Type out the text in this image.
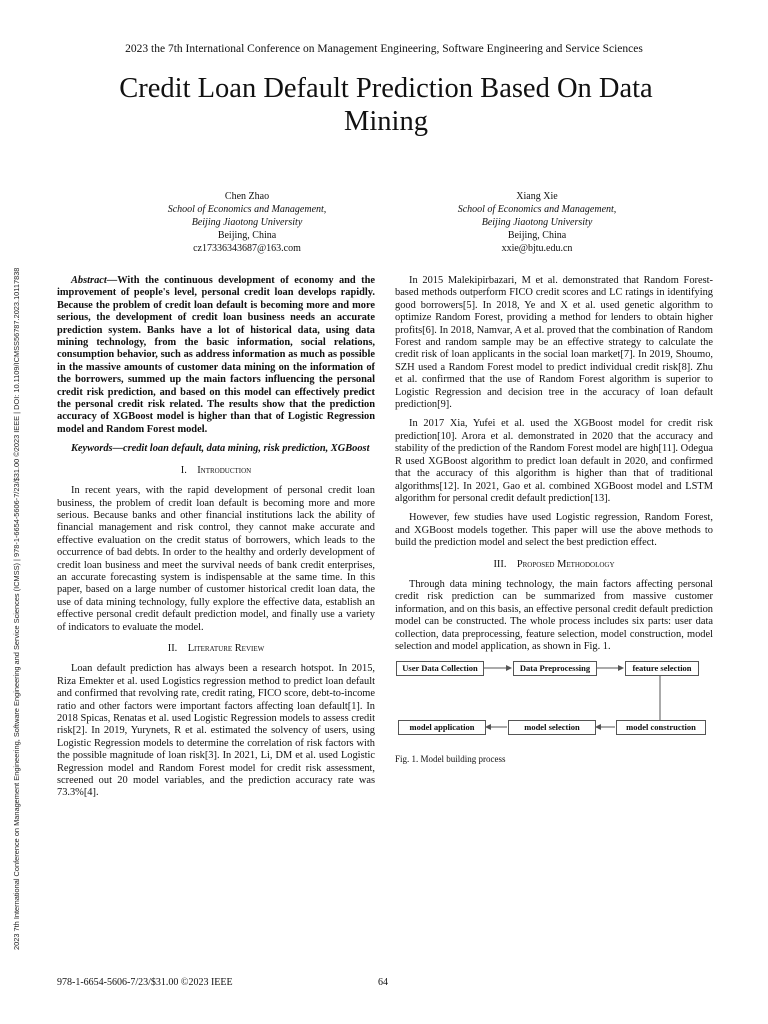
2023 7th International Conference on Management Engineering, Software Engineering and Service Sciences (ICMSS) | 978-1-6654-5606-7/23/$31.00 ©2023 IEEE | DOI: 10.1109/ICMSS56787.2023.10117838
2023 the 7th International Conference on Management Engineering, Software Engineering and Service Sciences
Credit Loan Default Prediction Based On Data Mining
Chen Zhao
School of Economics and Management,
Beijing Jiaotong University
Beijing, China
cz17336343687@163.com
Xiang Xie
School of Economics and Management,
Beijing Jiaotong University
Beijing, China
xxie@bjtu.edu.cn

Abstract—With the continuous development of economy and the improvement of people's level, personal credit loan develops rapidly. Because the problem of credit loan default is becoming more and more serious, the development of credit loan business needs an accurate prediction system. Banks have a lot of historical data, using data mining technology, from the basic information, social relations, consumption behavior, such as address information as much as possible in the massive amounts of customer data mining on the information of the borrowers, summed up the main factors influencing the personal credit risk prediction, and based on this model can effectively predict the personal credit risk related. The results show that the prediction accuracy of XGBoost model is higher than that of Logistic Regression model and Random Forest model.

Keywords—credit loan default, data mining, risk prediction, XGBoost

I. Introduction

In recent years, with the rapid development of personal credit loan business, the problem of credit loan default is becoming more and more serious. Because banks and other financial institutions lack the ability of financial management and risk control, they cannot make accurate and effective evaluation on the credit status of borrowers, which leads to the occurrence of bad debts. In order to the healthy and orderly development of credit loan business and meet the survival needs of bank credit enterprises, an accurate forecasting system is indispensable at the same time. In this paper, based on a large number of customer historical credit loan data, the use of data mining technology, fully explore the effective data, establish an effective personal credit default prediction model, and finally use a variety of indicators to evaluate the model.

II. Literature Review

Loan default prediction has always been a research hotspot. In 2015, Riza Emekter et al. used Logistics regression method to predict loan default and confirmed that revolving rate, credit rating, FICO score, debt-to-income ratio and other factors were important factors affecting loan default[1]. In 2018 Spicas, Renatas et al. used Logistic Regression models to assess credit risk[2]. In 2019, Yurynets, R et al. estimated the solvency of users, using Logistic Regression models to determine the correlation of risk factors with the possible magnitude of loan risk[3]. In 2021, Li, DM et al. used Logistic Regression model and Random Forest model for credit risk assessment, screened out 20 model variables, and the prediction accuracy rate was 73.3%[4].

In 2015 Malekipirbazari, M et al. demonstrated that Random Forest-based methods outperform FICO credit scores and LC ratings in identifying good borrowers[5]. In 2018, Ye and X et al. used genetic algorithm to optimize Random Forest, providing a method for lenders to obtain higher profits[6]. In 2018, Namvar, A et al. proved that the combination of Random Forest and random sample may be an effective strategy to calculate the credit risk of loan applicants in the social loan market[7]. In 2019, Shoumo, SZH used a Random Forest model to predict individual credit risk[8]. Zhu et al. confirmed that the use of Random Forest algorithm is superior to Logistic Regression and decision tree in the accuracy of loan default prediction[9].

In 2017 Xia, Yufei et al. used the XGBoost model for credit risk prediction[10]. Arora et al. demonstrated in 2020 that the accuracy and stability of the prediction of the Random Forest model are high[11]. Odegua R used XGBoost algorithm to predict loan default in 2020, and confirmed that the accuracy of this algorithm is higher than that of traditional algorithms[12]. In 2021, Gao et al. combined XGBoost model and LSTM algorithm for personal credit default prediction[13].

However, few studies have used Logistic regression, Random Forest, and XGBoost models together. This paper will use the above methods to build the prediction model and select the best prediction effect.

III. Proposed Methodology

Through data mining technology, the main factors affecting personal credit risk prediction can be summarized from massive customer information, and on this basis, an effective personal credit default prediction model can be constructed. The whole process includes six parts: user data collection, data preprocessing, feature selection, model construction, model selection and model application, as shown in Fig. 1.

User Data Collection	Data Preprocessing	feature selection
model construction
model selection
model application
Fig. 1. Model building process
978-1-6654-5606-7/23/$31.00 ©2023 IEEE	64
